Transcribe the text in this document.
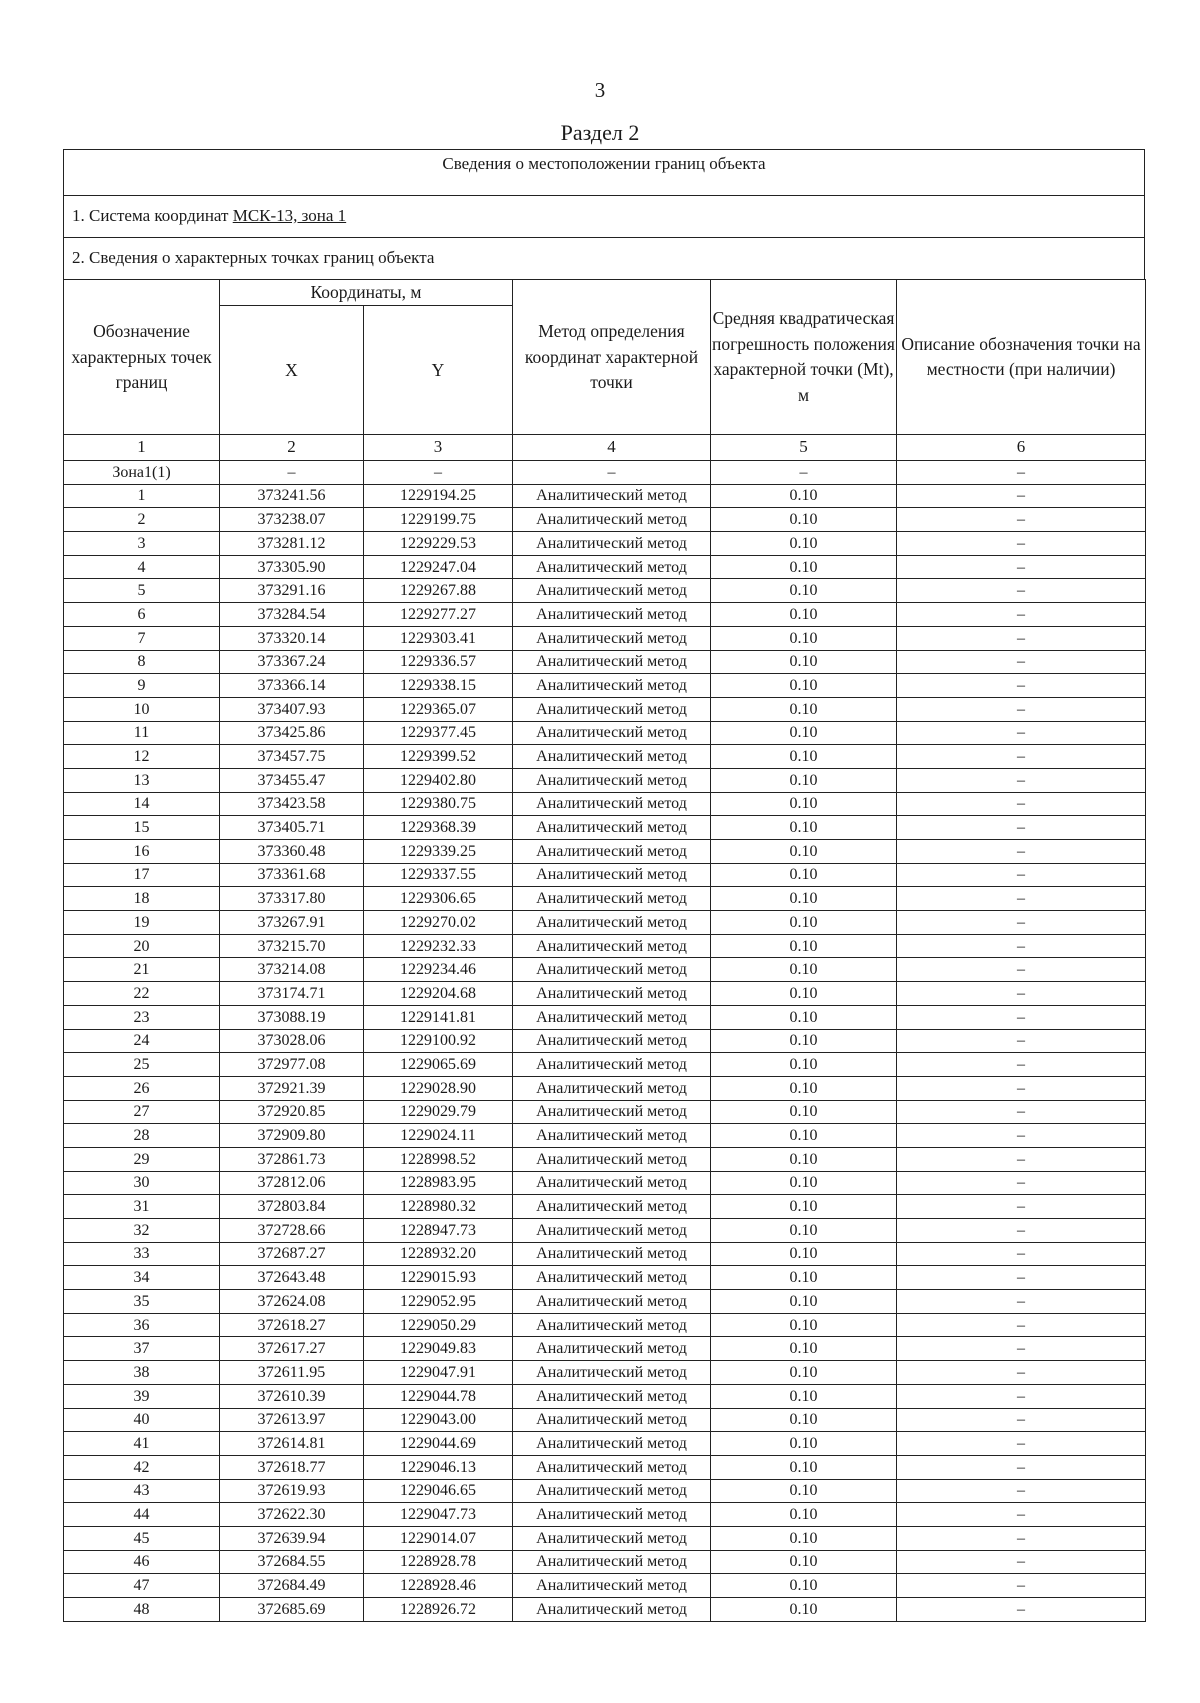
3
Раздел 2
Сведения о местоположении границ объекта
1. Система координат МСК-13, зона 1
2. Сведения о характерных точках границ объекта
Обозначение характерных точек границ	Координаты, м		Метод определения координат характерной точки	Средняя квадратическая погрешность положения характерной точки (Mt), м	Описание обозначения точки на местности (при наличии)
	X	Y			
1	2	3	4	5	6
Зона1(1)	–	–	–	–	–
1	373241.56	1229194.25	Аналитический метод	0.10	–
2	373238.07	1229199.75	Аналитический метод	0.10	–
3	373281.12	1229229.53	Аналитический метод	0.10	–
4	373305.90	1229247.04	Аналитический метод	0.10	–
5	373291.16	1229267.88	Аналитический метод	0.10	–
6	373284.54	1229277.27	Аналитический метод	0.10	–
7	373320.14	1229303.41	Аналитический метод	0.10	–
8	373367.24	1229336.57	Аналитический метод	0.10	–
9	373366.14	1229338.15	Аналитический метод	0.10	–
10	373407.93	1229365.07	Аналитический метод	0.10	–
11	373425.86	1229377.45	Аналитический метод	0.10	–
12	373457.75	1229399.52	Аналитический метод	0.10	–
13	373455.47	1229402.80	Аналитический метод	0.10	–
14	373423.58	1229380.75	Аналитический метод	0.10	–
15	373405.71	1229368.39	Аналитический метод	0.10	–
16	373360.48	1229339.25	Аналитический метод	0.10	–
17	373361.68	1229337.55	Аналитический метод	0.10	–
18	373317.80	1229306.65	Аналитический метод	0.10	–
19	373267.91	1229270.02	Аналитический метод	0.10	–
20	373215.70	1229232.33	Аналитический метод	0.10	–
21	373214.08	1229234.46	Аналитический метод	0.10	–
22	373174.71	1229204.68	Аналитический метод	0.10	–
23	373088.19	1229141.81	Аналитический метод	0.10	–
24	373028.06	1229100.92	Аналитический метод	0.10	–
25	372977.08	1229065.69	Аналитический метод	0.10	–
26	372921.39	1229028.90	Аналитический метод	0.10	–
27	372920.85	1229029.79	Аналитический метод	0.10	–
28	372909.80	1229024.11	Аналитический метод	0.10	–
29	372861.73	1228998.52	Аналитический метод	0.10	–
30	372812.06	1228983.95	Аналитический метод	0.10	–
31	372803.84	1228980.32	Аналитический метод	0.10	–
32	372728.66	1228947.73	Аналитический метод	0.10	–
33	372687.27	1228932.20	Аналитический метод	0.10	–
34	372643.48	1229015.93	Аналитический метод	0.10	–
35	372624.08	1229052.95	Аналитический метод	0.10	–
36	372618.27	1229050.29	Аналитический метод	0.10	–
37	372617.27	1229049.83	Аналитический метод	0.10	–
38	372611.95	1229047.91	Аналитический метод	0.10	–
39	372610.39	1229044.78	Аналитический метод	0.10	–
40	372613.97	1229043.00	Аналитический метод	0.10	–
41	372614.81	1229044.69	Аналитический метод	0.10	–
42	372618.77	1229046.13	Аналитический метод	0.10	–
43	372619.93	1229046.65	Аналитический метод	0.10	–
44	372622.30	1229047.73	Аналитический метод	0.10	–
45	372639.94	1229014.07	Аналитический метод	0.10	–
46	372684.55	1228928.78	Аналитический метод	0.10	–
47	372684.49	1228928.46	Аналитический метод	0.10	–
48	372685.69	1228926.72	Аналитический метод	0.10	–
